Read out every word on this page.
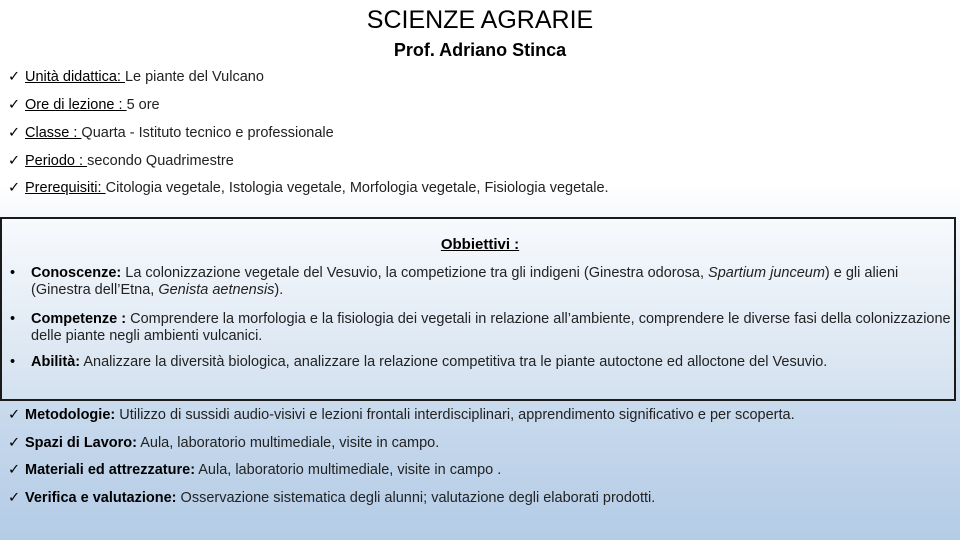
SCIENZE AGRARIE
Prof. Adriano Stinca
✓ Unità didattica: Le piante del Vulcano
✓ Ore di lezione : 5 ore
✓ Classe : Quarta - Istituto tecnico e professionale
✓ Periodo : secondo Quadrimestre
✓ Prerequisiti: Citologia vegetale, Istologia vegetale, Morfologia vegetale, Fisiologia vegetale.
Obbiettivi :
• Conoscenze: La colonizzazione vegetale del Vesuvio, la competizione tra gli indigeni (Ginestra odorosa, Spartium junceum) e gli alieni (Ginestra dell’Etna, Genista aetnensis).
• Competenze : Comprendere la morfologia e la fisiologia dei vegetali in relazione all’ambiente, comprendere le diverse fasi della colonizzazione delle piante negli ambienti vulcanici.
• Abilità: Analizzare la diversità biologica, analizzare la relazione competitiva tra le piante autoctone ed alloctone del Vesuvio.
✓ Metodologie: Utilizzo di sussidi audio-visivi e lezioni frontali interdisciplinari, apprendimento significativo e per scoperta.
✓ Spazi di Lavoro: Aula, laboratorio multimediale, visite in campo.
✓ Materiali ed attrezzature: Aula, laboratorio multimediale, visite in campo .
✓ Verifica e valutazione: Osservazione sistematica degli alunni; valutazione degli elaborati prodotti.
